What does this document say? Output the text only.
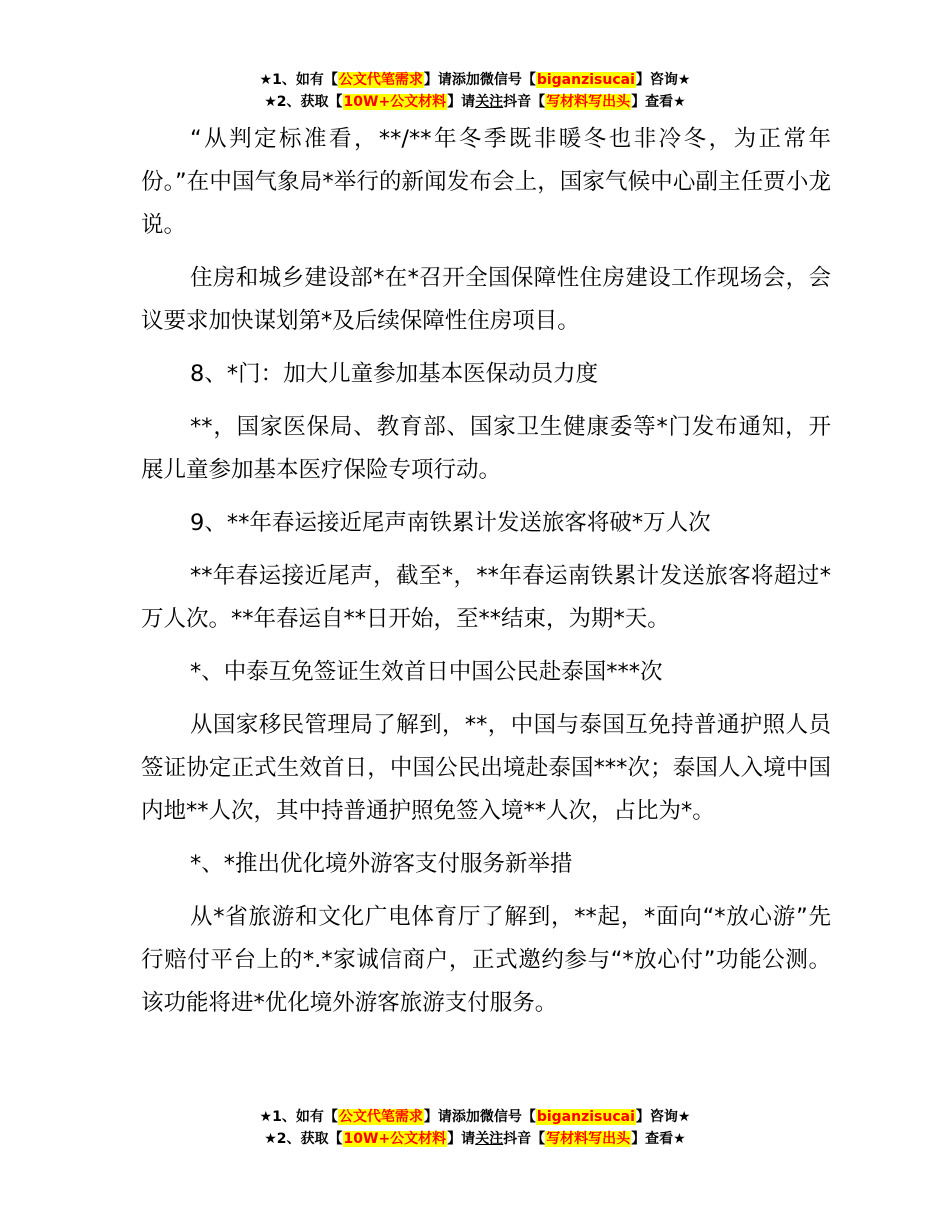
★1、如有【公文代笔需求】请添加微信号【biganzisucai】咨询★
★2、获取【10W+公文材料】请关注抖音【写材料写出头】查看★

“从判定标准看，**/**年冬季既非暖冬也非冷冬，为正常年份。”在中国气象局*举行的新闻发布会上，国家气候中心副主任贾小龙说。

住房和城乡建设部*在*召开全国保障性住房建设工作现场会，会议要求加快谋划第*及后续保障性住房项目。

8、*门：加大儿童参加基本医保动员力度

**，国家医保局、教育部、国家卫生健康委等*门发布通知，开展儿童参加基本医疗保险专项行动。

9、**年春运接近尾声南铁累计发送旅客将破*万人次

**年春运接近尾声，截至*，**年春运南铁累计发送旅客将超过*万人次。**年春运自**日开始，至**结束，为期*天。

*、中泰互免签证生效首日中国公民赴泰国***次

从国家移民管理局了解到，**，中国与泰国互免持普通护照人员签证协定正式生效首日，中国公民出境赴泰国***次；泰国人入境中国内地**人次，其中持普通护照免签入境**人次，占比为*。

*、*推出优化境外游客支付服务新举措

从*省旅游和文化广电体育厅了解到，**起，*面向“*放心游”先行赔付平台上的*.*家诚信商户，正式邀约参与“*放心付”功能公测。该功能将进*优化境外游客旅游支付服务。

★1、如有【公文代笔需求】请添加微信号【biganzisucai】咨询★
★2、获取【10W+公文材料】请关注抖音【写材料写出头】查看★
